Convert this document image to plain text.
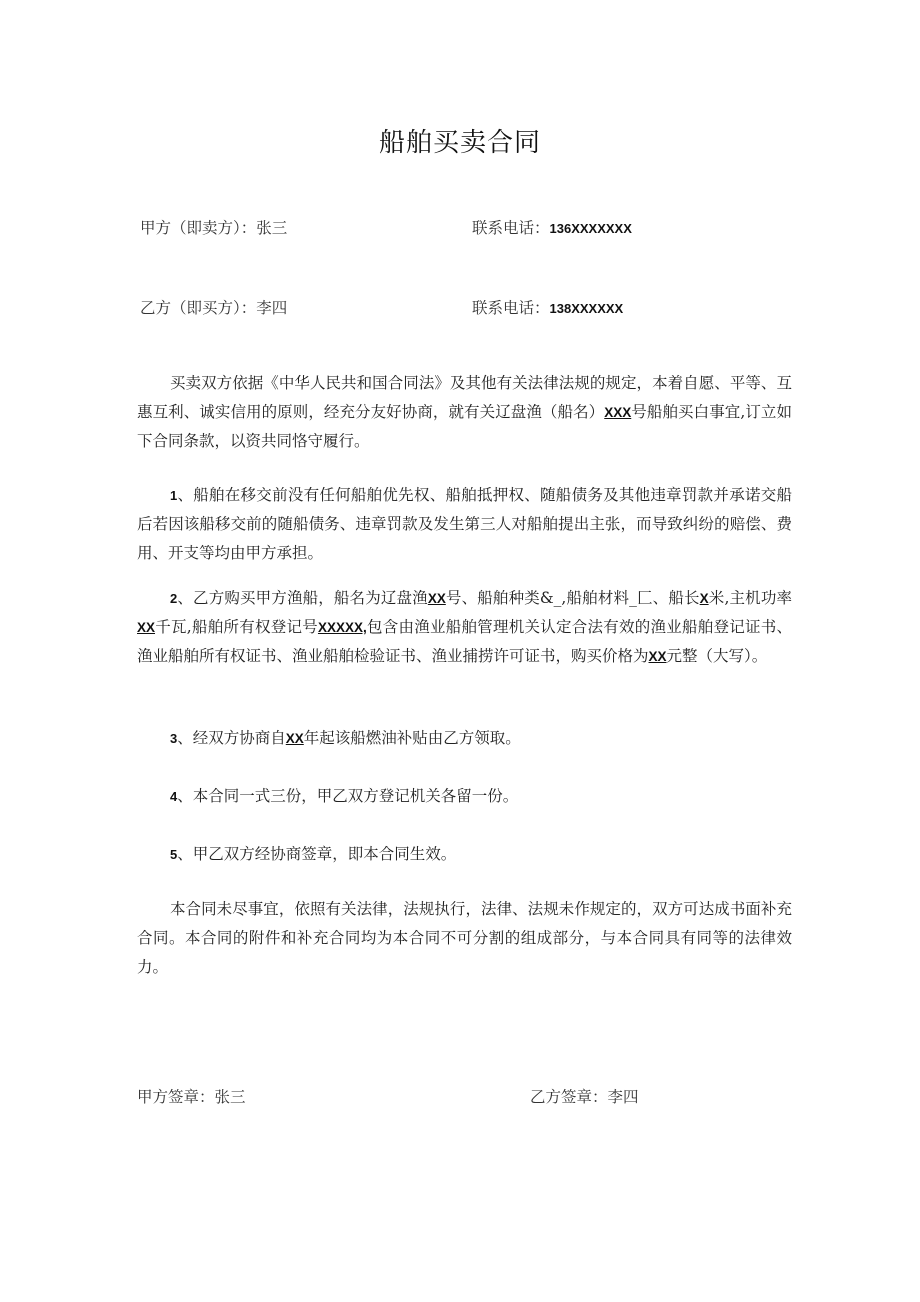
船舶买卖合同
甲方（即卖方）：张三	联系电话：136XXXXXXX
乙方（即买方）：李四	联系电话：138XXXXXX
买卖双方依据《中华人民共和国合同法》及其他有关法律法规的规定，本着自愿、平等、互惠互利、诚实信用的原则，经充分友好协商，就有关辽盘渔（船名）XXX号船舶买白事宜,订立如下合同条款，以资共同恪守履行。
1、船舶在移交前没有任何船舶优先权、船舶抵押权、随船债务及其他违章罚款并承诺交船后若因该船移交前的随船债务、违章罚款及发生第三人对船舶提出主张，而导致纠纷的赔偿、费用、开支等均由甲方承担。
2、乙方购买甲方渔船，船名为辽盘渔XX号、船舶种类&_,船舶材料_匚、船长X米,主机功率XX千瓦,船舶所有权登记号XXXXX,包含由渔业船舶管理机关认定合法有效的渔业船舶登记证书、渔业船舶所有权证书、渔业船舶检验证书、渔业捕捞许可证书，购买价格为XX元整（大写）。
3、经双方协商自XX年起该船燃油补贴由乙方领取。
4、本合同一式三份，甲乙双方登记机关各留一份。
5、甲乙双方经协商签章，即本合同生效。
本合同未尽事宜，依照有关法律，法规执行，法律、法规未作规定的，双方可达成书面补充合同。本合同的附件和补充合同均为本合同不可分割的组成部分，与本合同具有同等的法律效力。
甲方签章：张三	乙方签章：李四
